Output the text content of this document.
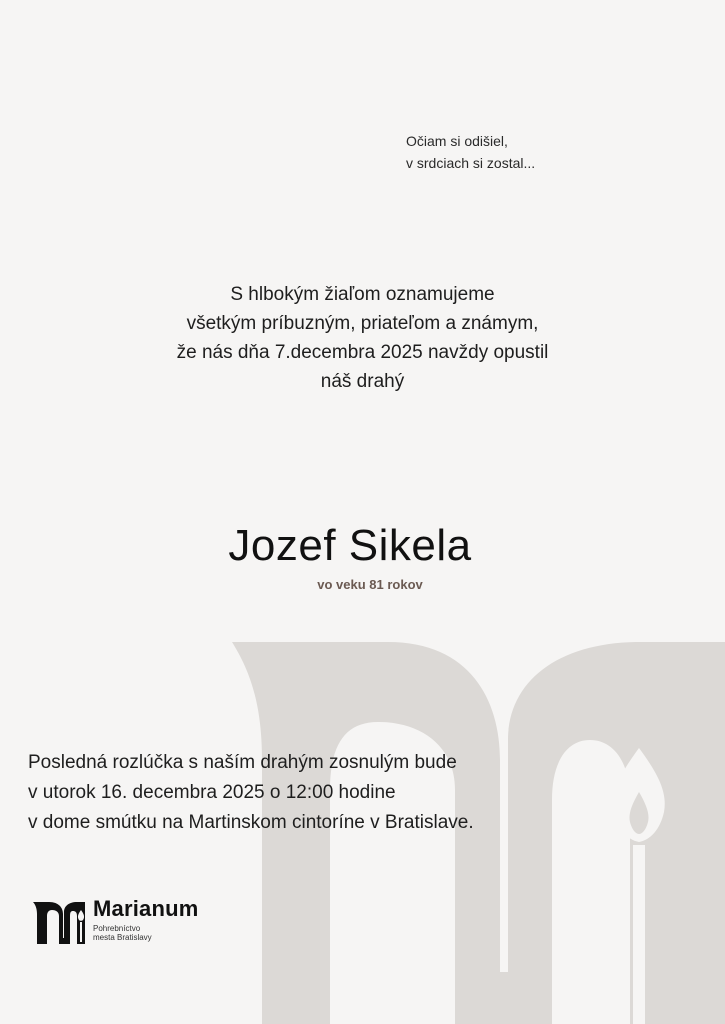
Očiam si odišiel,
v srdciach si zostal...
S hlbokým žiaľom oznamujeme
všetkým príbuzným, priateľom a známym,
že nás dňa 7.decembra 2025 navždy opustil
náš drahý
Jozef Sikela
vo veku 81 rokov
Posledná rozlúčka s naším drahým zosnulým bude
v utorok 16. decembra 2025 o 12:00 hodine
v dome smútku na Martinskom cintoríne v Bratislave.
Marianum
Pohrebníctvo
mesta Bratislavy
